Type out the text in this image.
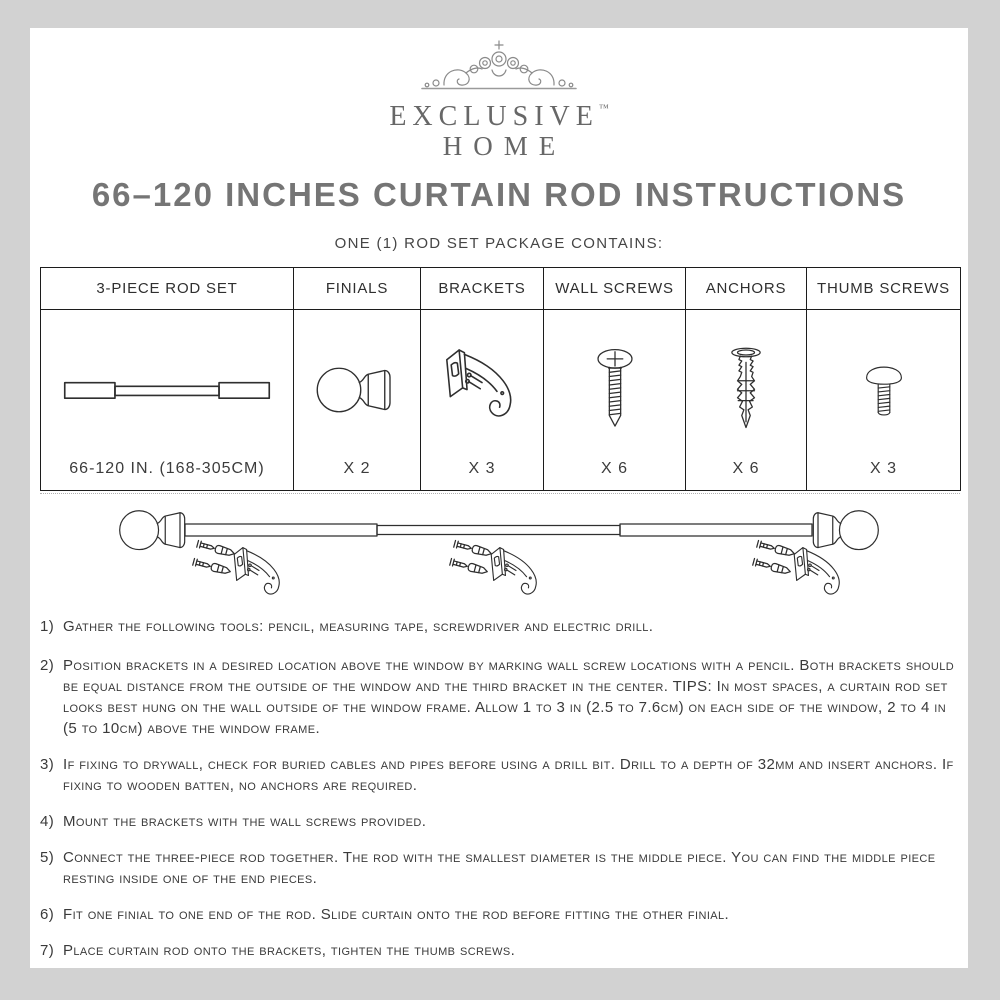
EXCLUSIVE™
HOME
66–120 INCHES CURTAIN ROD INSTRUCTIONS
ONE (1) ROD SET PACKAGE CONTAINS:
3-PIECE ROD SET	FINIALS	BRACKETS	WALL SCREWS	ANCHORS	THUMB SCREWS

66-120 IN. (168-305CM)	X 2	X 3	X 6	X 6	X 3
1) Gather the following tools: pencil, measuring tape, screwdriver and electric drill.
2) Position brackets in a desired location above the window by marking wall screw locations with a pencil. Both brackets should be equal distance from the outside of the window and the third bracket in the center. TIPS: In most spaces, a curtain rod set looks best hung on the wall outside of the window frame. Allow 1 to 3 in (2.5 to 7.6cm) on each side of the window, 2 to 4 in (5 to 10cm) above the window frame.
3) If fixing to drywall, check for buried cables and pipes before using a drill bit. Drill to a depth of 32mm and insert anchors. If fixing to wooden batten, no anchors are required.
4) Mount the brackets with the wall screws provided.
5) Connect the three-piece rod together. The rod with the smallest diameter is the middle piece. You can find the middle piece resting inside one of the end pieces.
6) Fit one finial to one end of the rod. Slide curtain onto the rod before fitting the other finial.
7) Place curtain rod onto the brackets, tighten the thumb screws.
